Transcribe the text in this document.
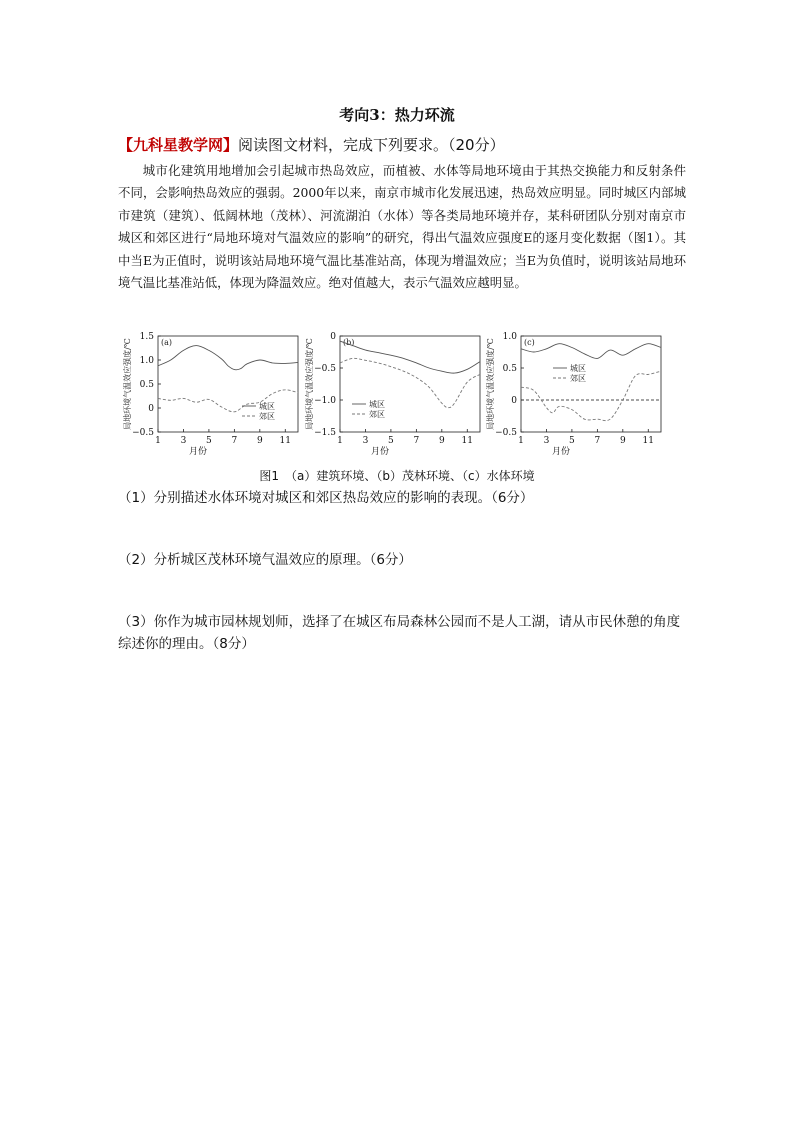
考向3：热力环流
【九科星教学网】阅读图文材料，完成下列要求。（20分）
城市化建筑用地增加会引起城市热岛效应，而植被、水体等局地环境由于其热交换能力和反射条件不同，会影响热岛效应的强弱。2000年以来，南京市城市化发展迅速，热岛效应明显。同时城区内部城市建筑（建筑）、低阔林地（茂林）、河流湖泊（水体）等各类局地环境并存，某科研团队分别对南京市城区和郊区进行“局地环境对气温效应的影响”的研究，得出气温效应强度E的逐月变化数据（图1）。其中当E为正值时，说明该站局地环境气温比基准站高，体现为增温效应；当E为负值时，说明该站局地环境气温比基准站低，体现为降温效应。绝对值越大，表示气温效应越明显。
−0.5
0
0.5
1.0
1.5
1 3 5 7 9 11
月份
局地环境气温效应强度/℃	(a)
城区
郊区
−1.5
−1.0
−0.5
0
1 3 5 7 9 11
月份
局地环境气温效应强度/℃	(b)
城区
郊区
−0.5
0
0.5
1.0
1 3 5 7 9 11
月份
局地环境气温效应强度/℃	(c)
城区
郊区
图1　（a）建筑环境、（b）茂林环境、（c）水体环境
（1）分别描述水体环境对城区和郊区热岛效应的影响的表现。（6分）
（2）分析城区茂林环境气温效应的原理。（6分）
（3）你作为城市园林规划师，选择了在城区布局森林公园而不是人工湖，请从市民休憩的角度综述你的理由。（8分）
